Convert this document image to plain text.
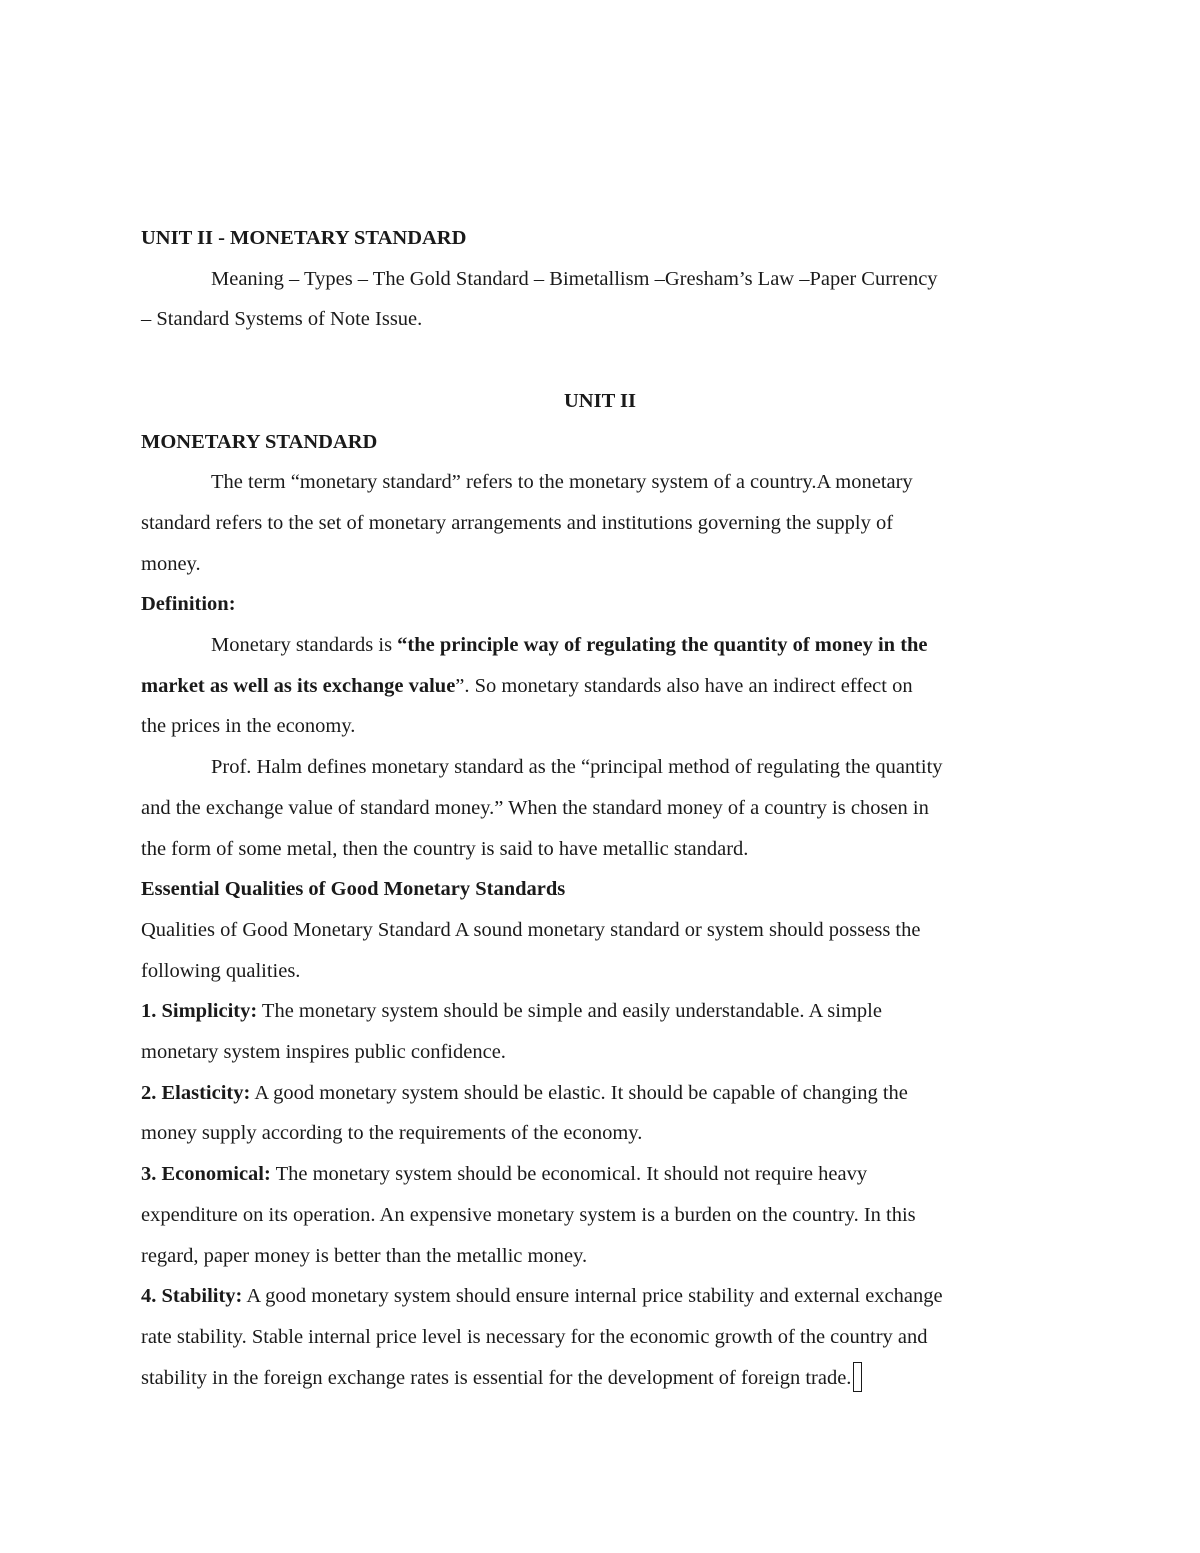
UNIT II - MONETARY STANDARD
Meaning – Types – The Gold Standard – Bimetallism –Gresham’s Law –Paper Currency
– Standard Systems of Note Issue.
UNIT II
MONETARY STANDARD
The term “monetary standard” refers to the monetary system of a country.A monetary
standard refers to the set of monetary arrangements and institutions governing the supply of
money.
Definition:
Monetary standards is “the principle way of regulating the quantity of money in the
market as well as its exchange value”. So monetary standards also have an indirect effect on
the prices in the economy.
Prof. Halm defines monetary standard as the “principal method of regulating the quantity
and the exchange value of standard money.” When the standard money of a country is chosen in
the form of some metal, then the country is said to have metallic standard.
Essential Qualities of Good Monetary Standards
Qualities of Good Monetary Standard A sound monetary standard or system should possess the
following qualities.
1. Simplicity: The monetary system should be simple and easily understandable. A simple
monetary system inspires public confidence.
2. Elasticity: A good monetary system should be elastic. It should be capable of changing the
money supply according to the requirements of the economy.
3. Economical: The monetary system should be economical. It should not require heavy
expenditure on its operation. An expensive monetary system is a burden on the country. In this
regard, paper money is better than the metallic money.
4. Stability: A good monetary system should ensure internal price stability and external exchange
rate stability. Stable internal price level is necessary for the economic growth of the country and
stability in the foreign exchange rates is essential for the development of foreign trade.
